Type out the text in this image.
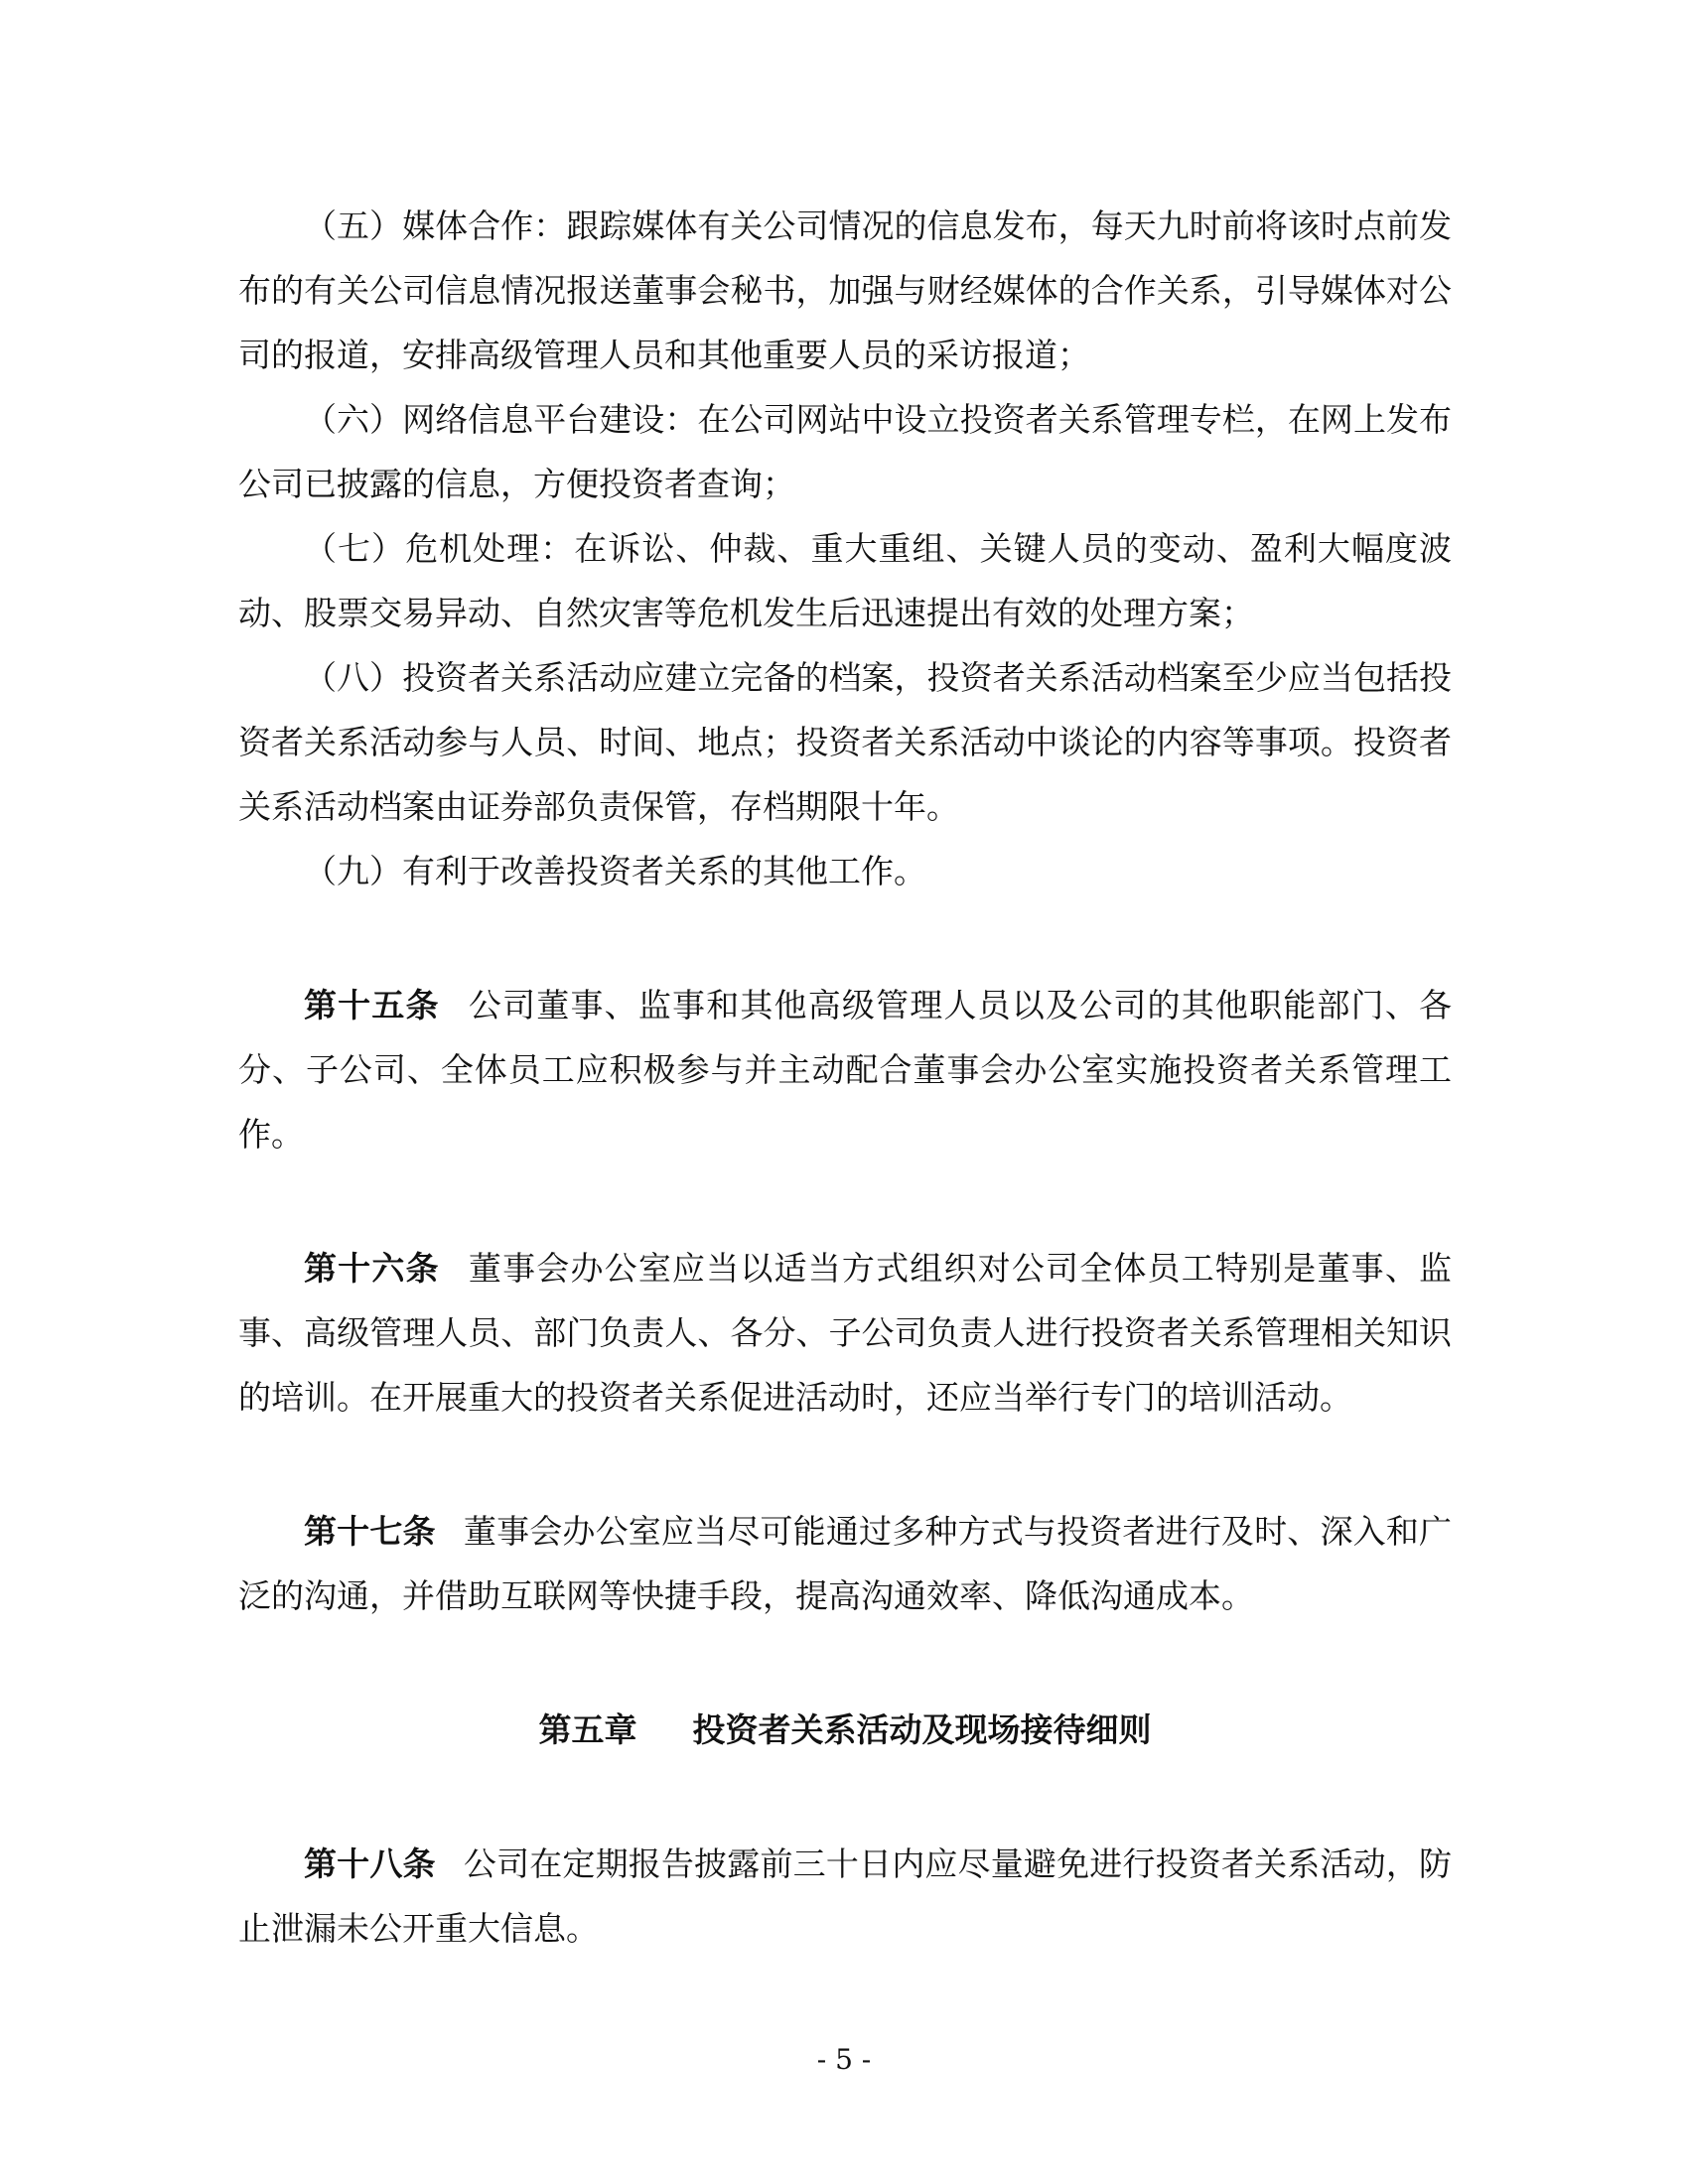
（五）媒体合作：跟踪媒体有关公司情况的信息发布，每天九时前将该时点前发布的有关公司信息情况报送董事会秘书，加强与财经媒体的合作关系，引导媒体对公司的报道，安排高级管理人员和其他重要人员的采访报道；

（六）网络信息平台建设：在公司网站中设立投资者关系管理专栏，在网上发布公司已披露的信息，方便投资者查询；

（七）危机处理：在诉讼、仲裁、重大重组、关键人员的变动、盈利大幅度波动、股票交易异动、自然灾害等危机发生后迅速提出有效的处理方案；

（八）投资者关系活动应建立完备的档案，投资者关系活动档案至少应当包括投资者关系活动参与人员、时间、地点；投资者关系活动中谈论的内容等事项。投资者关系活动档案由证券部负责保管，存档期限十年。

（九）有利于改善投资者关系的其他工作。

第十五条 公司董事、监事和其他高级管理人员以及公司的其他职能部门、各分、子公司、全体员工应积极参与并主动配合董事会办公室实施投资者关系管理工作。

第十六条 董事会办公室应当以适当方式组织对公司全体员工特别是董事、监事、高级管理人员、部门负责人、各分、子公司负责人进行投资者关系管理相关知识的培训。在开展重大的投资者关系促进活动时，还应当举行专门的培训活动。

第十七条 董事会办公室应当尽可能通过多种方式与投资者进行及时、深入和广泛的沟通，并借助互联网等快捷手段，提高沟通效率、降低沟通成本。

第五章 投资者关系活动及现场接待细则

第十八条 公司在定期报告披露前三十日内应尽量避免进行投资者关系活动，防止泄漏未公开重大信息。

- 5 -
